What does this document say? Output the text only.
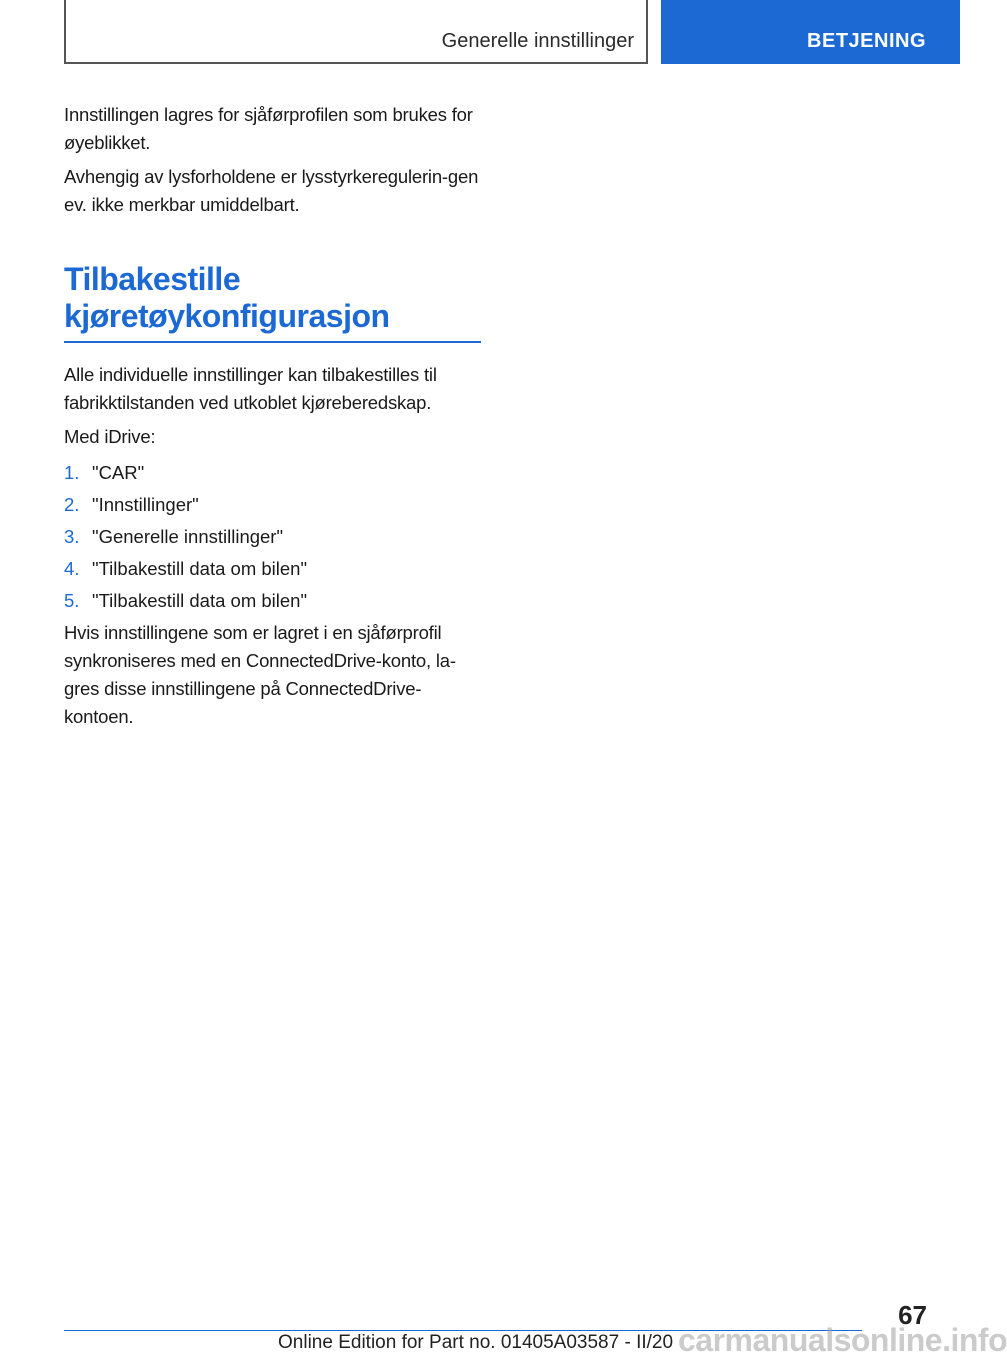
Generelle innstillinger	BETJENING

Innstillingen lagres for sjåførprofilen som brukes for øyeblikket.

Avhengig av lysforholdene er lysstyrkeregulerin-gen ev. ikke merkbar umiddelbart.

Tilbakestille kjøretøykonfigurasjon

Alle individuelle innstillinger kan tilbakestilles til fabrikktilstanden ved utkoblet kjøreberedskap.

Med iDrive:

1. "CAR"
2. "Innstillinger"
3. "Generelle innstillinger"
4. "Tilbakestill data om bilen"
5. "Tilbakestill data om bilen"

Hvis innstillingene som er lagret i en sjåførprofil synkroniseres med en ConnectedDrive-konto, la-gres disse innstillingene på ConnectedDrive-kontoen.

67
Online Edition for Part no. 01405A03587 - II/20 carmanualsonline.info
